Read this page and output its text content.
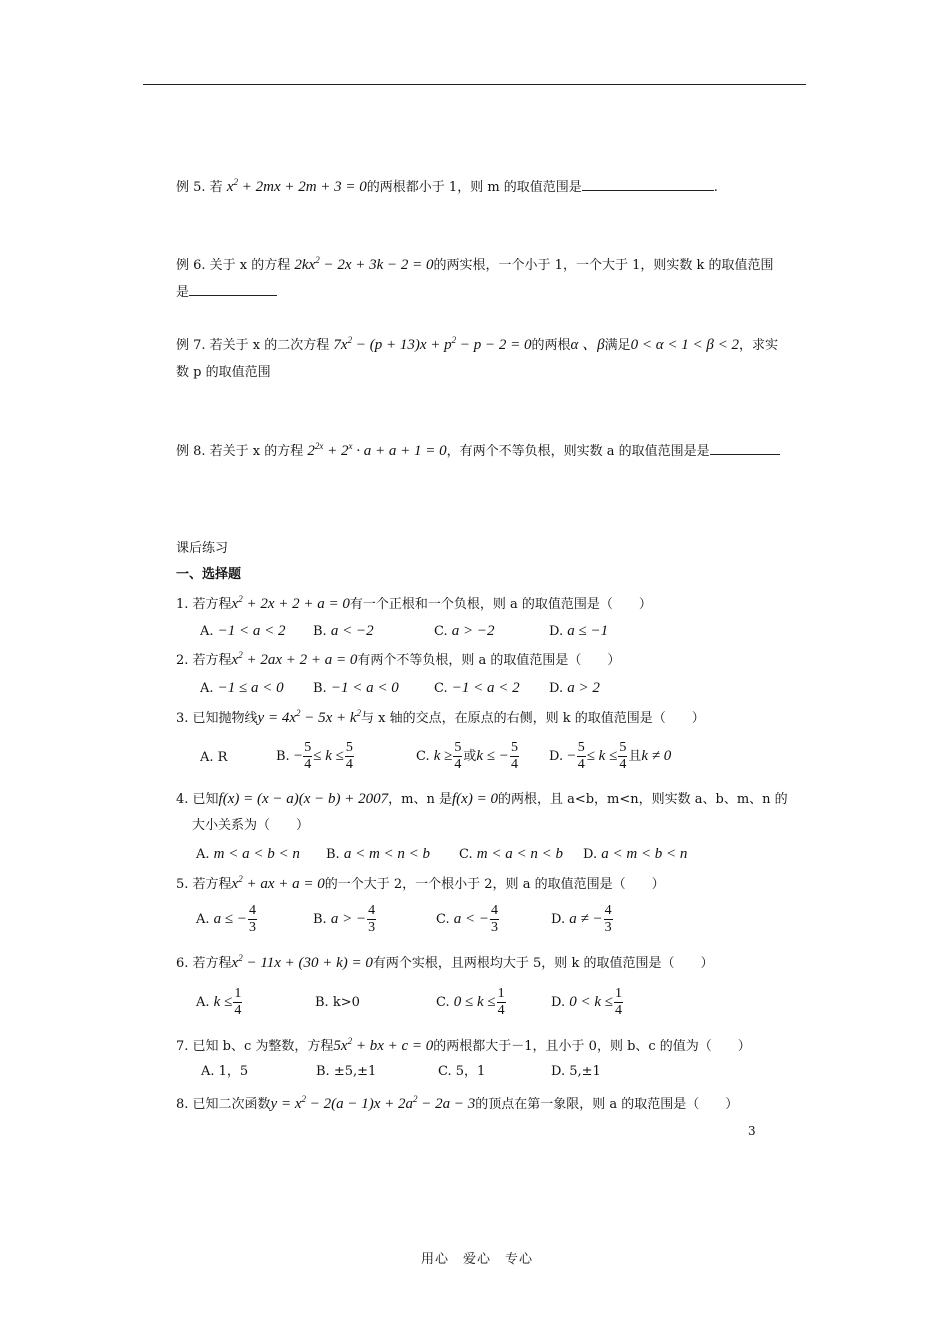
例 5. 若 $x^2 + 2mx + 2m + 3 = 0$的两根都小于 1，则 m 的取值范围是	.
例 6. 关于 x 的方程 $2kx^2 - 2x + 3k - 2 = 0$的两实根，一个小于 1，一个大于 1，则实数 k 的取值范围
是
例 7. 若关于 x 的二次方程 $7x^2 - (p + 13)x + p^2 - p - 2 = 0$的两根α 、β满足0 < α < 1 < β < 2，求实
数 p 的取值范围
例 8. 若关于 x 的方程 $2^{2x} + 2^x \cdot a + a + 1 = 0$，有两个不等负根，则实数 a 的取值范围是是
课后练习
一、选择题
1. 若方程$x^2 + 2x + 2 + a = 0$有一个正根和一个负根，则 a 的取值范围是（　　）
A. −1 < a < 2 B. a < −2	C. a > −2	D. a ≤ −1
2. 若方程$x^2 + 2ax + 2 + a = 0$有两个不等负根，则 a 的取值范围是（　　）
A. −1 ≤ a < 0 B. −1 < a < 0	C. −1 < a < 2 D. a > 2
3. 已知抛物线$y = 4x^2 - 5x + k^2$与 x 轴的交点，在原点的右侧，则 k 的取值范围是（　　）
A. R	B. − $\frac{5}{4} \le k \le \frac{5}{4}$	C. $k \ge \frac{5}{4}$ 或k ≤ − $\frac{5}{4} D$. − $\frac{5}{4} \le k \le \frac{5}{4}$ 且k ≠ 0
4. 已知f(x) = (x − a)(x − b) + 2007，m、n 是f(x) = 0的两根，且 a<b，m<n，则实数 a、b、m、n 的
大小关系为（　　）
A. m < a < b < n B. a < m < n < b C. m < a < n < b D. a < m < b < n
5. 若方程$x^2$ + ax + a = 0的一个大于 2，一个根小于 2，则 a 的取值范围是（　　）
A. a ≤ − $\frac{4}{3}$	B. a > − $\frac{4}{3}$	C. a < − $\frac{4}{3}$	D. a ≠ − $\frac{4}{3}$
6. 若方程$x^2 - 11x + (30 + k) = 0$有两个实根，且两根均大于 5，则 k 的取值范围是（　　）
A. $k \le \frac{1}{4}$	B. k>0	C. $0 \le k \le \frac{1}{4}$	D. $0 < k \le \frac{1}{4}$
7. 已知 b、c 为整数，方程$5x^2$ + bx + c = 0的两根都大于－1，且小于 0，则 b、c 的值为（　　）
A. 1，5	B. ±5,±1	C. 5，1	D. 5,±1
8. 已知二次函数$y = x^2 - 2(a - 1)x + 2a^2 - 2a - 3$的顶点在第一象限，则 a 的取范围是（　　）
3
用心　爱心　专心
